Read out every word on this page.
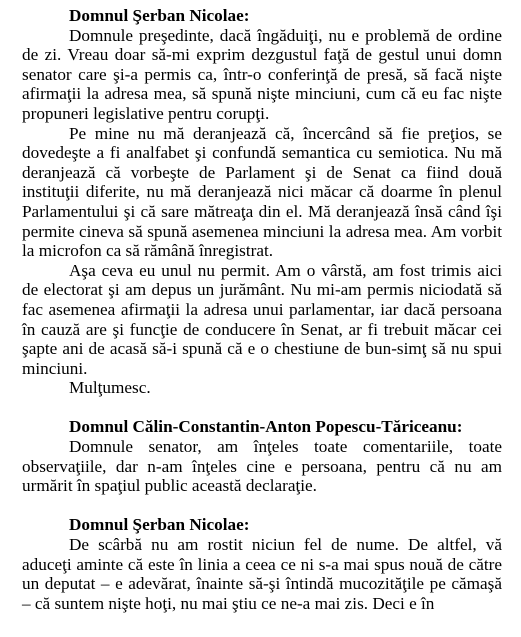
Domnul Şerban Nicolae:

Domnule preşedinte, dacă îngăduiţi, nu e problemă de ordine de zi. Vreau doar să-mi exprim dezgustul faţă de gestul unui domn senator care şi-a permis ca, într-o conferinţă de presă, să facă nişte afirmaţii la adresa mea, să spună nişte minciuni, cum că eu fac nişte propuneri legislative pentru corupţi.

Pe mine nu mă deranjează că, încercând să fie preţios, se dovedeşte a fi analfabet şi confundă semantica cu semiotica. Nu mă deranjează că vorbeşte de Parlament şi de Senat ca fiind două instituţii diferite, nu mă deranjează nici măcar că doarme în plenul Parlamentului şi că sare mătreaţa din el. Mă deranjează însă când îşi permite cineva să spună asemenea minciuni la adresa mea. Am vorbit la microfon ca să rămână înregistrat.

Aşa ceva eu unul nu permit. Am o vârstă, am fost trimis aici de electorat şi am depus un jurământ. Nu mi-am permis niciodată să fac asemenea afirmaţii la adresa unui parlamentar, iar dacă persoana în cauză are şi funcţie de conducere în Senat, ar fi trebuit măcar cei şapte ani de acasă să-i spună că e o chestiune de bun-simţ să nu spui minciuni.

Mulţumesc.

Domnul Călin-Constantin-Anton Popescu-Tăriceanu:

Domnule senator, am înţeles toate comentariile, toate observaţiile, dar n-am înţeles cine e persoana, pentru că nu am urmărit în spaţiul public această declaraţie.

Domnul Şerban Nicolae:

De scârbă nu am rostit niciun fel de nume. De altfel, vă aduceţi aminte că este în linia a ceea ce ni s-a mai spus nouă de către un deputat – e adevărat, înainte să-şi întindă mucozităţile pe cămaşă – că suntem nişte hoţi, nu mai ştiu ce ne-a mai zis. Deci e în
